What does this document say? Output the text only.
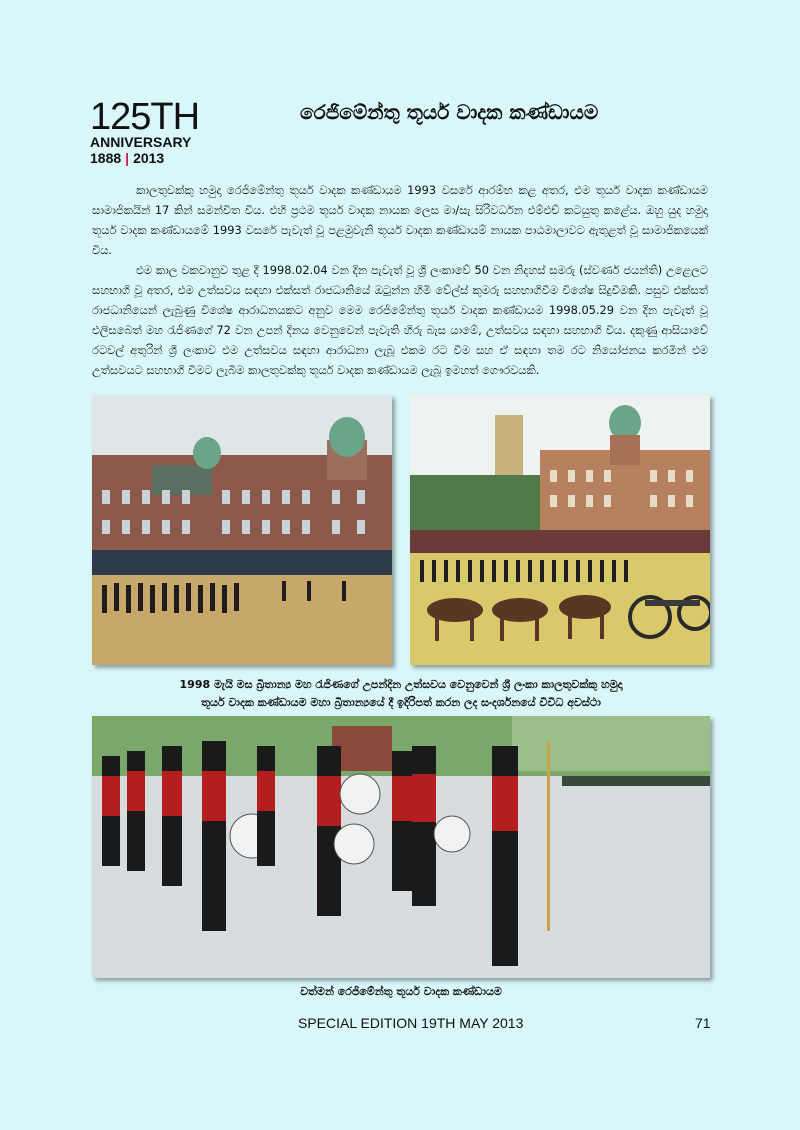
125TH
ANNIVERSARY
1888 | 2013
රෙජිමේන්තු තූර්ය වාදක කණ්ඩායම

කාලතුවක්කු හමුදා රෙජිමේන්තු තූර්ය වාදක කණ්ඩායම 1993 වසරේ ආරම්භ කළ අතර, එම තූර්ය වාදක කණ්ඩායම සාමාජිකයින් 17 කින් සමන්විත විය. එහි ප්‍රථම තූර්ය වාදක නායක ලෙස මා/සැ සිරිවර්ධන එම්එච් කටයුතු කළේය. ඔහු යුද හමුදා තූර්ය වාදක කණ්ඩායමේ 1993 වසරේ පැවැත් වූ පළමුවැනි තූර්ය වාදක කණ්ඩායම් නායක පාඨමාලාවට ඇතුළත් වූ සාමාජිකයෙක් විය.

එම කාල වකවානුව තුළ දී 1998.02.04 වන දින පැවැත් වූ ශ්‍රී ලංකාවේ 50 වන නිදහස් සමරු (ස්වර්ණ ජයන්ති) උළෙලට සහභාගි වූ අතර, එම උත්සවය සඳහා එක්සත් රාජධානියේ ඔටුන්න හිමි වේල්ස් කුමරු සහභාගිවීම විශේෂ සිදුවීමකි. පසුව එක්සත් රාජධානියෙන් ලැබුණු විශේෂ ආරාධනයකට අනුව මෙම රෙජිමේන්තු තූර්ය වාදක කණ්ඩායම 1998.05.29 වන දින පැවැත් වූ එලිසබෙත් මහ රැජිණගේ 72 වන උපන් දිනය වෙනුවෙන් පැවැති හිරු බැස යාමේ, උත්සවය සඳහා සහභාගි විය. දකුණු ආසියාවේ රටවල් අතුරින් ශ්‍රී ලංකාව එම උත්සවය සඳහා ආරාධනා ලැබූ එකම රට වීම සහ ඒ සඳහා තම රට නියෝජනය කරමින් එම උත්සවයට සහභාගි වීමට ලැබීම කාලතුවක්කු තූර්ය වාදක කණ්ඩායම ලැබූ ඉමහත් ගෞරවයකි.

1998 මැයි මස බ්‍රිතාන්‍ය මහ රැජිණගේ උපන්දින උත්සවය වෙනුවෙන් ශ්‍රී ලංකා කාලතුවක්කු හමුදා
තූර්ය වාදක කණ්ඩායම මහා බ්‍රිතාන්‍යයේ දී ඉදිරිපත් කරන ලද සංදර්ශනයේ විවිධ අවස්ථා
වත්මන් රෙජිමේන්තු තූර්ය වාදක කණ්ඩායම
SPECIAL EDITION 19TH MAY 2013	71
